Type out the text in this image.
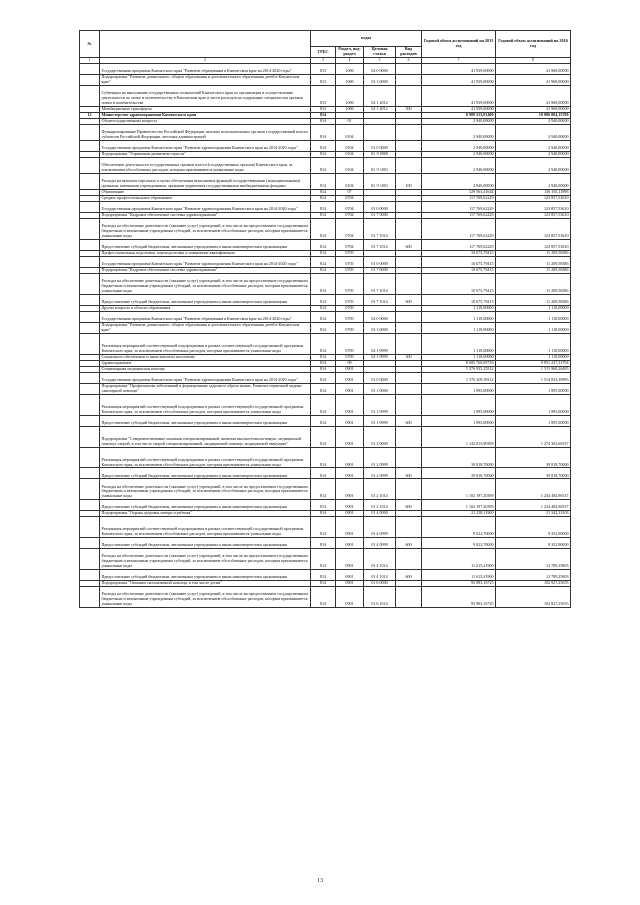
№		коды				Годовой объем ассигнований на 2015 год	Годовой объем ассигнований на 2016 год
		ГРБС	Раздел, под-раздел	Целевая статья	Вид расходов		
1	2	3	4	5	6	7	8
	Государственная программа Камчатского края "Развитие образования в Камчатском крае на 2014-2020 годы"	813	1006	02 0 0000		41 939,00000	41 968,00000
	Подпрограмма "Развитие дошкольного, общего образования и дополнительного образования детей в Камчатском крае"	813	1006	02 1 0000		41 939,00000	41 968,00000
	Субвенции на выполнение государственных полномочий Камчатского края по организации и осуществлению деятельности по опеке и попечительству в Камчатском крае и части расходов на содержание специалистов органов опеки и попечительства	813	1006	02 1 4012		41 939,00000	41 968,00000
	Межбюджетные трансферты	813	1006	02 1 4012	500	41 939,00000	41 968,00000
12	Министерство здравоохранения Камчатского края	814				8 989 515,01400	10 086 804,15700
	Общегосударственные вопросы	814	01			2 940,00000	2 940,00000
	Функционирование Правительства Российской Федерации, высших исполнительных органов государственной власти субъектов Российской Федерации, местных администраций	814	0104			2 940,00000	2 940,00000
	Государственная программа Камчатского края "Развитие здравоохранения Камчатского края на 2014-2020 годы"	814	0104	01 0 0000		2 940,00000	2 940,00000
	Подпрограмма "Управление развитием отрасли"	814	0104	01 Э 0000		2 940,00000	2 940,00000
	Обеспечение деятельности государственных органов власти (государственных органов) Камчатского края, за исключением обособленных расходов, которым присваиваются уникальные коды	814	0104	01 Э 1001		2 940,00000	2 940,00000
	Расходы на выплаты персоналу в целях обеспечения выполнения функций государственными (муниципальными) органами, казенными учреждениями, органами управления государственными внебюджетными фондами	814	0104	01 Э 1001	100	2 940,00000	2 940,00000
	Образование	814	07			129 563,41644	136 165,11896
	Среднее профессиональное образование	814	0704			117 769,62229	123 857,53610
	Государственная программа Камчатского края "Развитие здравоохранения Камчатского края на 2014-2020 годы"	814	0704	01 0 0000		117 769,62229	123 857,53610
	Подпрограмма "Кадровое обеспечение системы здравоохранения"	814	0704	01 7 0000		117 769,62229	123 857,53610
	Расходы на обеспечение деятельности (оказание услуг) учреждений, в том числе на предоставление государственным бюджетным и автономным учреждениям субсидий, за исключением обособленных расходов, которым присваиваются уникальные коды	814	0704	01 7 1014		117 769,62229	123 857,53610
	Предоставление субсидий бюджетным, автономным учреждениям и иным некоммерческим организациям	814	0704	01 7 1014	600	117 769,62229	123 857,53610
	Профессиональная подготовка, переподготовка и повышение квалификации	814	0705			10 675,79415	11 209,58386
	Государственная программа Камчатского края "Развитие здравоохранения Камчатского края на 2014-2020 годы"	814	0705	01 0 0000		10 675,79415	11 209,58386
	Подпрограмма "Кадровое обеспечение системы здравоохранения"	814	0705	01 7 0000		10 675,79415	11 209,58386
	Расходы на обеспечение деятельности (оказание услуг) учреждений, в том числе на предоставление государственным бюджетным и автономным учреждениям субсидий, за исключением обособленных расходов, которым присваиваются уникальные коды	814	0705	01 7 1014		10 675,79415	11 209,58386
	Предоставление субсидий бюджетным, автономным учреждениям и иным некоммерческим организациям	814	0705	01 7 1014	600	10 675,79415	11 209,58386
	Другие вопросы в области образования	814	0709			1 118,00000	1 118,00000
	Государственная программа Камчатского края "Развитие образования в Камчатском крае на 2014-2020 годы"	814	0709	02 0 0000		1 118,00000	1 118,00000
	Подпрограмма "Развитие дошкольного, общего образования и дополнительного образования детей в Камчатском крае"	814	0709	02 1 0000		1 118,00000	1 118,00000
	Реализация мероприятий соответствующей подпрограммы в рамках соответствующей государственной программы Камчатского края, за исключением обособленных расходов, которым присваиваются уникальные коды	814	0709	02 1 0999		1 118,00000	1 118,00000
	Социальное обеспечение и иные выплаты населению	814	0709	02 1 0999	300	1 118,00000	1 118,00000
	Здравоохранение	814	09			8 685 760,69759	9 851 237,33704
	Стационарная медицинская помощь	814	0901			1 376 935,25512	1 515 968,26495
	Государственная программа Камчатского края "Развитие здравоохранения Камчатского края на 2014-2020 годы"	814	0901	01 0 0000		1 376 209,39112	1 514 833,39995
	Подпрограмма "Профилактика заболеваний и формирование здорового образа жизни. Развитие первичной медико-санитарной помощи"	814	0901	01 1 0000		1 995,00000	1 995,00000
	Реализация мероприятий соответствующей подпрограммы в рамках соответствующей государственной программы Камчатского края, за исключением обособленных расходов, которым присваиваются уникальные коды	814	0901	01 1 0999		1 995,00000	1 995,00000
	Предоставление субсидий бюджетным, автономным учреждениям и иным некоммерческим организациям	814	0901	01 1 0999	600	1 995,00000	1 995,00000
	Подпрограмма "Совершенствование оказания специализированной, включая высокотехнологичную, медицинской помощи, скорой, в том числе скорой специализированной, медицинской помощи, медицинской эвакуации"	814	0901	01 2 0000		1 142 015,90399	1 274 303,66537
	Реализация мероприятий соответствующей подпрограммы в рамках соответствующей государственной программы Камчатского края, за исключением обособленных расходов, которым присваиваются уникальные коды	814	0901	01 2 0999		39 818,70000	39 818,70000
	Предоставление субсидий бюджетным, автономным учреждениям и иным некоммерческим организациям	814	0901	01 2 0999	600	39 818,70000	39 818,70000
	Расходы на обеспечение деятельности (оказание услуг) учреждений, в том числе на предоставление государственным бюджетным и автономным учреждениям субсидий, за исключением обособленных расходов, которым присваиваются уникальные коды	814	0901	01 2 1014		1 102 197,20399	1 234 484,96537
	Предоставление субсидий бюджетным, автономным учреждениям и иным некоммерческим организациям	814	0901	01 2 1014	600	1 102 197,20399	1 234 484,96537
	Подпрограмма "Охрана здоровья матери и ребенка"	814	0901	01 4 0000		21 238,11900	21 342,33503
	Реализация мероприятий соответствующей подпрограммы в рамках соответствующей государственной программы Камчатского края, за исключением обособленных расходов, которым присваиваются уникальные коды	814	0901	01 4 0999		9 022,70000	9 352,90000
	Предоставление субсидий бюджетным, автономным учреждениям и иным некоммерческим организациям	814	0901	01 4 0999	600	9 022,70000	9 352,90000
	Расходы на обеспечение деятельности (оказание услуг) учреждений, в том числе на предоставление государственным бюджетным и автономным учреждениям субсидий, за исключением обособленных расходов, которым присваиваются уникальные коды	814	0901	01 4 1014		11 615,41900	12 789,25803
	Предоставление субсидий бюджетным, автономным учреждениям и иным некоммерческим организациям	814	0901	01 4 1014	600	11 615,41900	12 789,25803
	Подпрограмма "Оказание паллиативной помощи, в том числе детям"	814	0901	01 6 0000		95 983,16725	102 927,25655
	Расходы на обеспечение деятельности (оказание услуг) учреждений, в том числе на предоставление государственным бюджетным и автономным учреждениям субсидий, за исключением обособленных расходов, которым присваиваются уникальные коды	814	0901	01 6 1014		95 983,16725	102 927,25655
13
